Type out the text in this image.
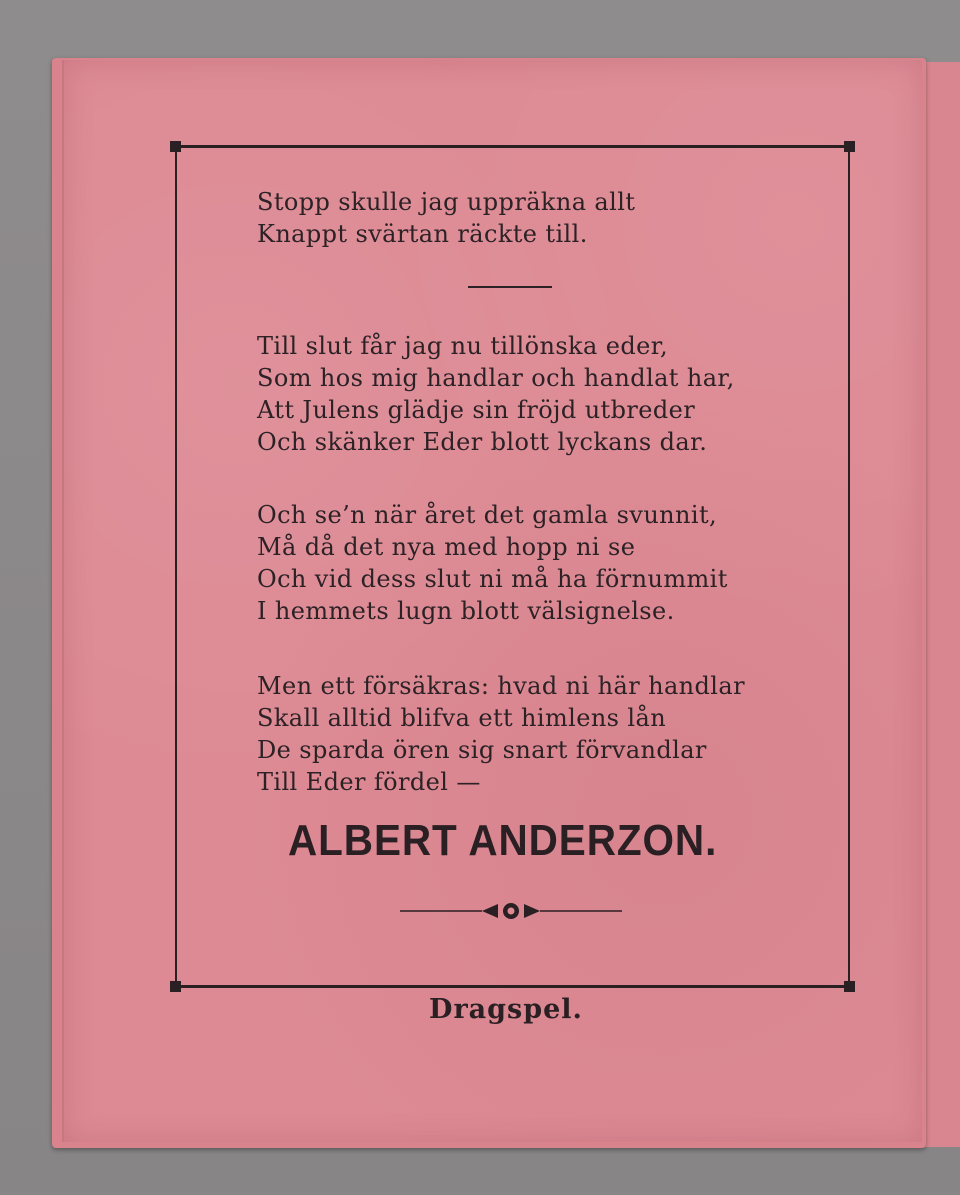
Stopp skulle jag uppräkna allt
Knappt svärtan räckte till.
Till slut får jag nu tillönska eder,
Som hos mig handlar och handlat har,
Att Julens glädje sin fröjd utbreder
Och skänker Eder blott lyckans dar.
Och se’n när året det gamla svunnit,
Må då det nya med hopp ni se
Och vid dess slut ni må ha förnummit
I hemmets lugn blott välsignelse.
Men ett försäkras: hvad ni här handlar
Skall alltid blifva ett himlens lån
De sparda ören sig snart förvandlar
Till Eder fördel —
ALBERT ANDERZON.
Dragspel.
